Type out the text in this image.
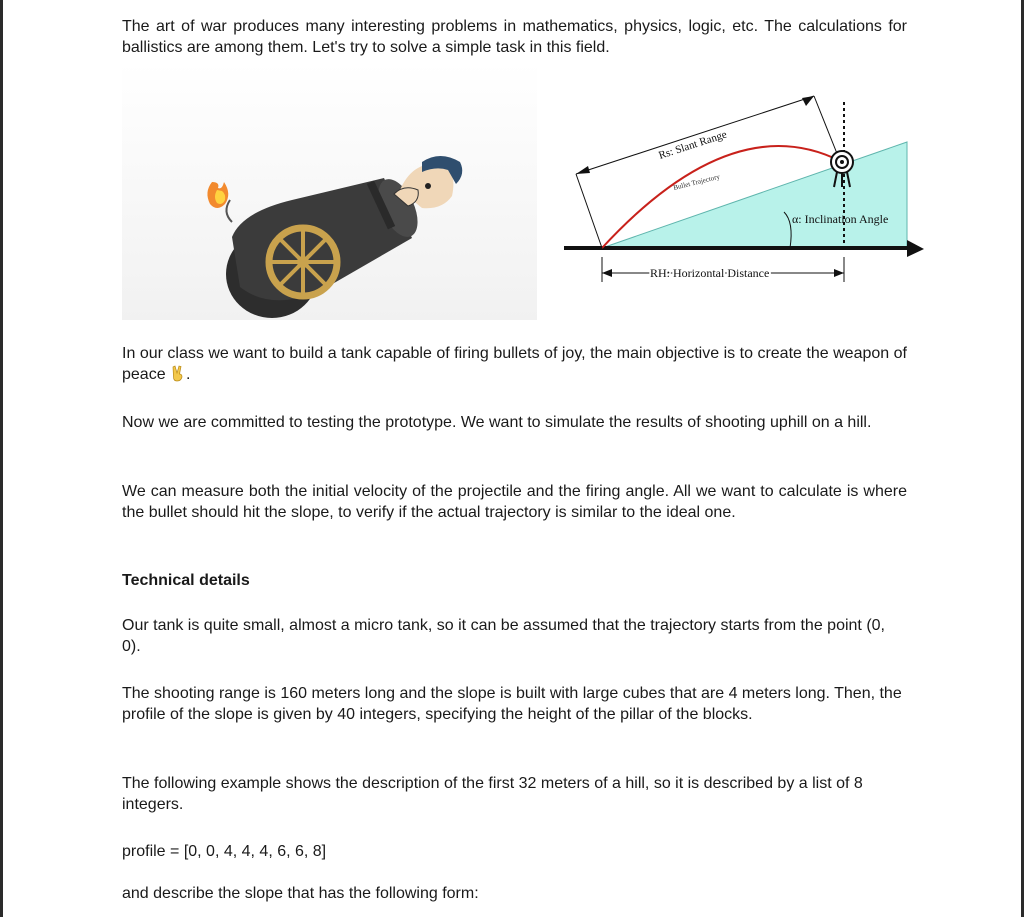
The art of war produces many interesting problems in mathematics, physics, logic, etc. The calculations for ballistics are among them. Let's try to solve a simple task in this field.

Rs: Slant Range
Bullet Trajectory
α: Inclination Angle
RH: Horizontal Distance

In our class we want to build a tank capable of firing bullets of joy, the main objective is to create the weapon of peace .

Now we are committed to testing the prototype. We want to simulate the results of shooting uphill on a hill.

We can measure both the initial velocity of the projectile and the firing angle. All we want to calculate is where the bullet should hit the slope, to verify if the actual trajectory is similar to the ideal one.

Technical details

Our tank is quite small, almost a micro tank, so it can be assumed that the trajectory starts from the point (0, 0).

The shooting range is 160 meters long and the slope is built with large cubes that are 4 meters long. Then, the profile of the slope is given by 40 integers, specifying the height of the pillar of the blocks.

The following example shows the description of the first 32 meters of a hill, so it is described by a list of 8 integers.

profile = [0, 0, 4, 4, 4, 6, 6, 8]

and describe the slope that has the following form:
